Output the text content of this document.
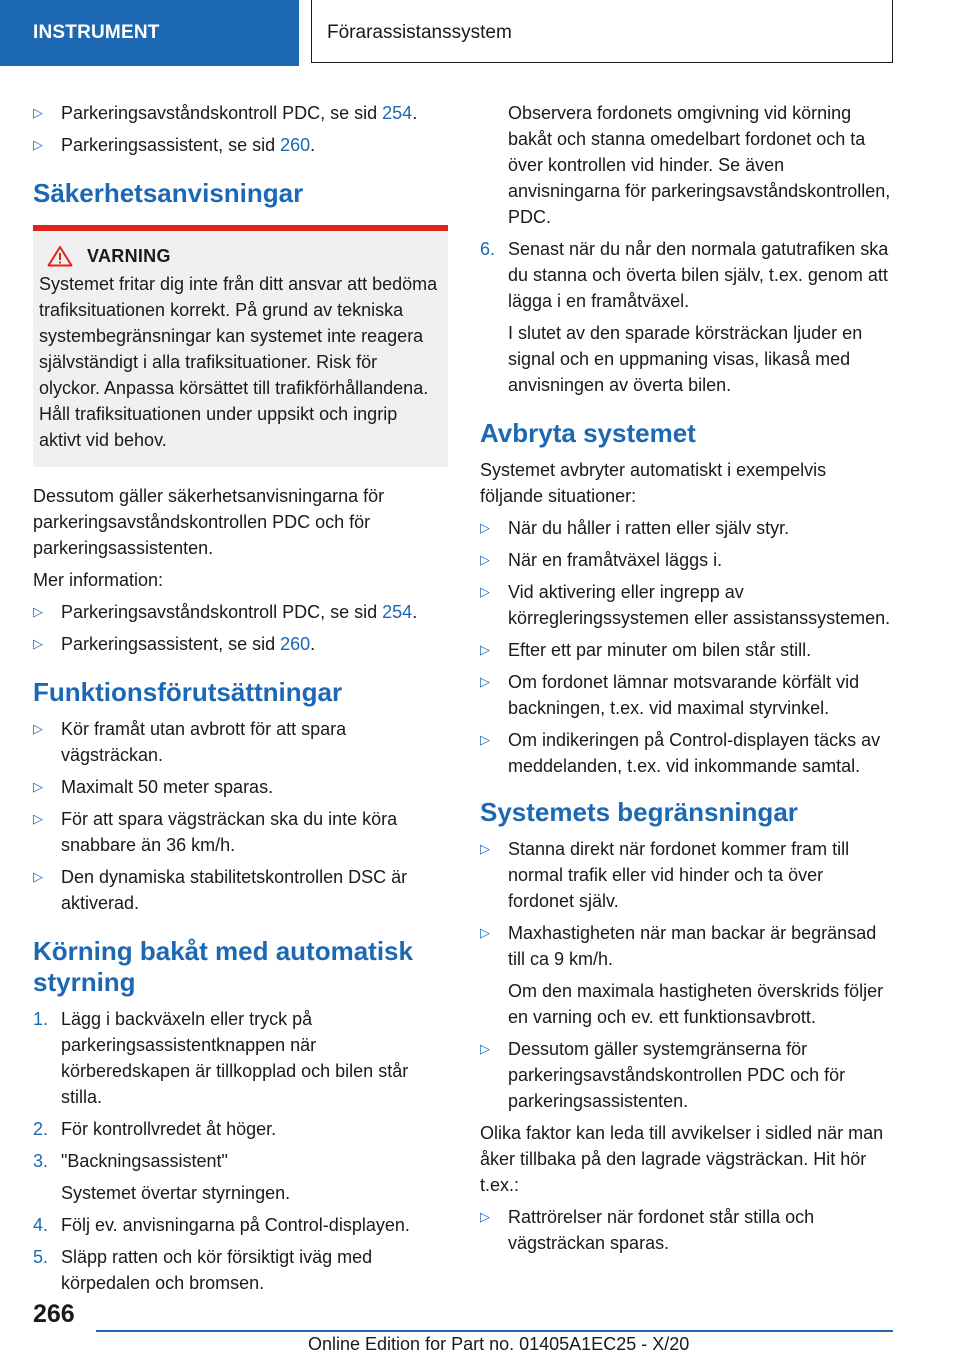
INSTRUMENT	Förarassistanssystem
▷	Parkeringsavståndskontroll PDC, se sid 254.
▷	Parkeringsassistent, se sid 260.
Säkerhetsanvisningar
VARNING
Systemet fritar dig inte från ditt ansvar att bedöma trafiksituationen korrekt. På grund av tekniska systembegränsningar kan systemet inte reagera självständigt i alla trafiksituationer. Risk för olyckor. Anpassa körsättet till trafikförhållandena. Håll trafiksituationen under uppsikt och ingrip aktivt vid behov.
Dessutom gäller säkerhetsanvisningarna för parkeringsavståndskontrollen PDC och för parkeringsassistenten.
Mer information:
▷	Parkeringsavståndskontroll PDC, se sid 254.
▷	Parkeringsassistent, se sid 260.
Funktionsförutsättningar
▷	Kör framåt utan avbrott för att spara vägsträckan.
▷	Maximalt 50 meter sparas.
▷	För att spara vägsträckan ska du inte köra snabbare än 36 km/h.
▷	Den dynamiska stabilitetskontrollen DSC är aktiverad.
Körning bakåt med automatisk styrning
1. Lägg i backväxeln eller tryck på parkeringsassistentknappen när körberedskapen är tillkopplad och bilen står stilla.
2. För kontrollvredet åt höger.
3. "Backningsassistent"
Systemet övertar styrningen.
4. Följ ev. anvisningarna på Control-displayen.
5. Släpp ratten och kör försiktigt iväg med körpedalen och bromsen.
Observera fordonets omgivning vid körning bakåt och stanna omedelbart fordonet och ta över kontrollen vid hinder. Se även anvisningarna för parkeringsavståndskontrollen, PDC.
6. Senast när du når den normala gatutrafiken ska du stanna och överta bilen själv, t.ex. genom att lägga i en framåtväxel.
I slutet av den sparade körsträckan ljuder en signal och en uppmaning visas, likaså med anvisningen av överta bilen.
Avbryta systemet
Systemet avbryter automatiskt i exempelvis följande situationer:
▷	När du håller i ratten eller själv styr.
▷	När en framåtväxel läggs i.
▷	Vid aktivering eller ingrepp av körregleringssystemen eller assistanssystemen.
▷	Efter ett par minuter om bilen står still.
▷	Om fordonet lämnar motsvarande körfält vid backningen, t.ex. vid maximal styrvinkel.
▷	Om indikeringen på Control-displayen täcks av meddelanden, t.ex. vid inkommande samtal.
Systemets begränsningar
▷	Stanna direkt när fordonet kommer fram till normal trafik eller vid hinder och ta över fordonet själv.
▷	Maxhastigheten när man backar är begränsad till ca 9 km/h.
Om den maximala hastigheten överskrids följer en varning och ev. ett funktionsavbrott.
▷	Dessutom gäller systemgränserna för parkeringsavståndskontrollen PDC och för parkeringsassistenten.
Olika faktor kan leda till avvikelser i sidled när man åker tillbaka på den lagrade vägsträckan. Hit hör t.ex.:
▷	Rattrörelser när fordonet står stilla och vägsträckan sparas.
266
Online Edition for Part no. 01405A1EC25 - X/20
